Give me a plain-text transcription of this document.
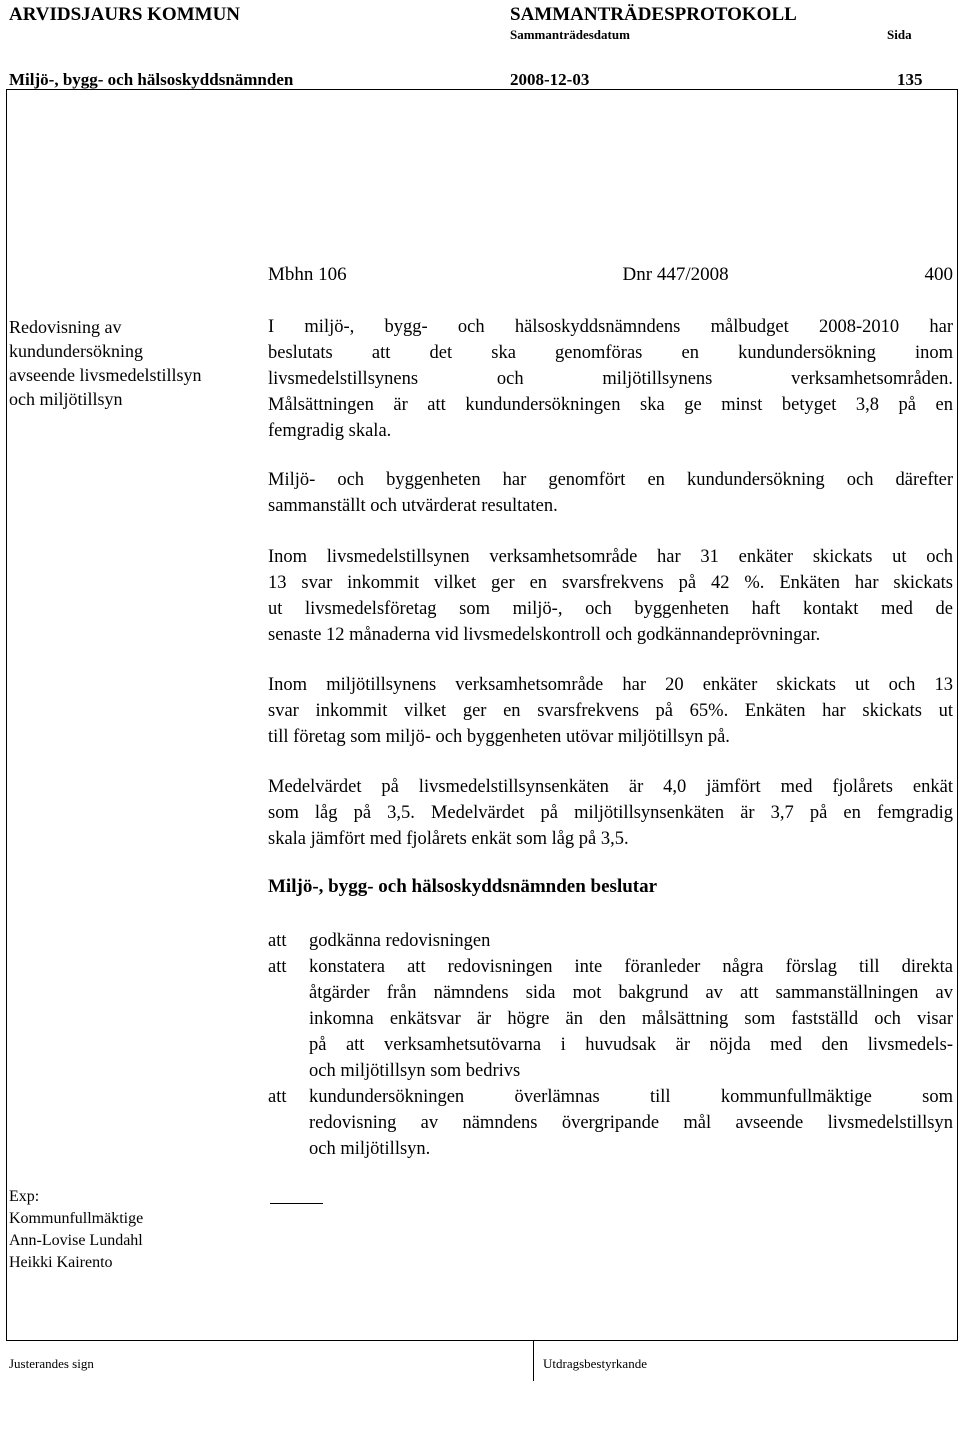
ARVIDSJAURS KOMMUN	SAMMANTRÄDESPROTOKOLL
Sammanträdesdatum	Sida
Miljö-, bygg- och hälsoskyddsnämnden	2008-12-03	135
Mbhn 106	Dnr 447/2008	400
Redovisning av
kundundersökning
avseende livsmedelstillsyn
och miljötillsyn
I miljö-, bygg- och hälsoskyddsnämndens målbudget 2008-2010 har
beslutats att det ska genomföras en kundundersökning inom
livsmedelstillsynens och miljötillsynens verksamhetsområden.
Målsättningen är att kundundersökningen ska ge minst betyget 3,8 på en
femgradig skala.
Miljö- och byggenheten har genomfört en kundundersökning och därefter
sammanställt och utvärderat resultaten.
Inom livsmedelstillsynen verksamhetsområde har 31 enkäter skickats ut och
13 svar inkommit vilket ger en svarsfrekvens på 42 %. Enkäten har skickats
ut livsmedelsföretag som miljö-, och byggenheten haft kontakt med de
senaste 12 månaderna vid livsmedelskontroll och godkännandeprövningar.
Inom miljötillsynens verksamhetsområde har 20 enkäter skickats ut och 13
svar inkommit vilket ger en svarsfrekvens på 65%. Enkäten har skickats ut
till företag som miljö- och byggenheten utövar miljötillsyn på.
Medelvärdet på livsmedelstillsynsenkäten är 4,0 jämfört med fjolårets enkät
som låg på 3,5. Medelvärdet på miljötillsynsenkäten är 3,7 på en femgradig
skala jämfört med fjolårets enkät som låg på 3,5.
Miljö-, bygg- och hälsoskyddsnämnden beslutar
att	godkänna redovisningen
att	konstatera att redovisningen inte föranleder några förslag till direkta
åtgärder från nämndens sida mot bakgrund av att sammanställningen av
inkomna enkätsvar är högre än den målsättning som fastställd och visar
på att verksamhetsutövarna i huvudsak är nöjda med den livsmedels-
och miljötillsyn som bedrivs
att	kundundersökningen överlämnas till kommunfullmäktige som
redovisning av nämndens övergripande mål avseende livsmedelstillsyn
och miljötillsyn.
Exp:
Kommunfullmäktige
Ann-Lovise Lundahl
Heikki Kairento
Justerandes sign	Utdragsbestyrkande
